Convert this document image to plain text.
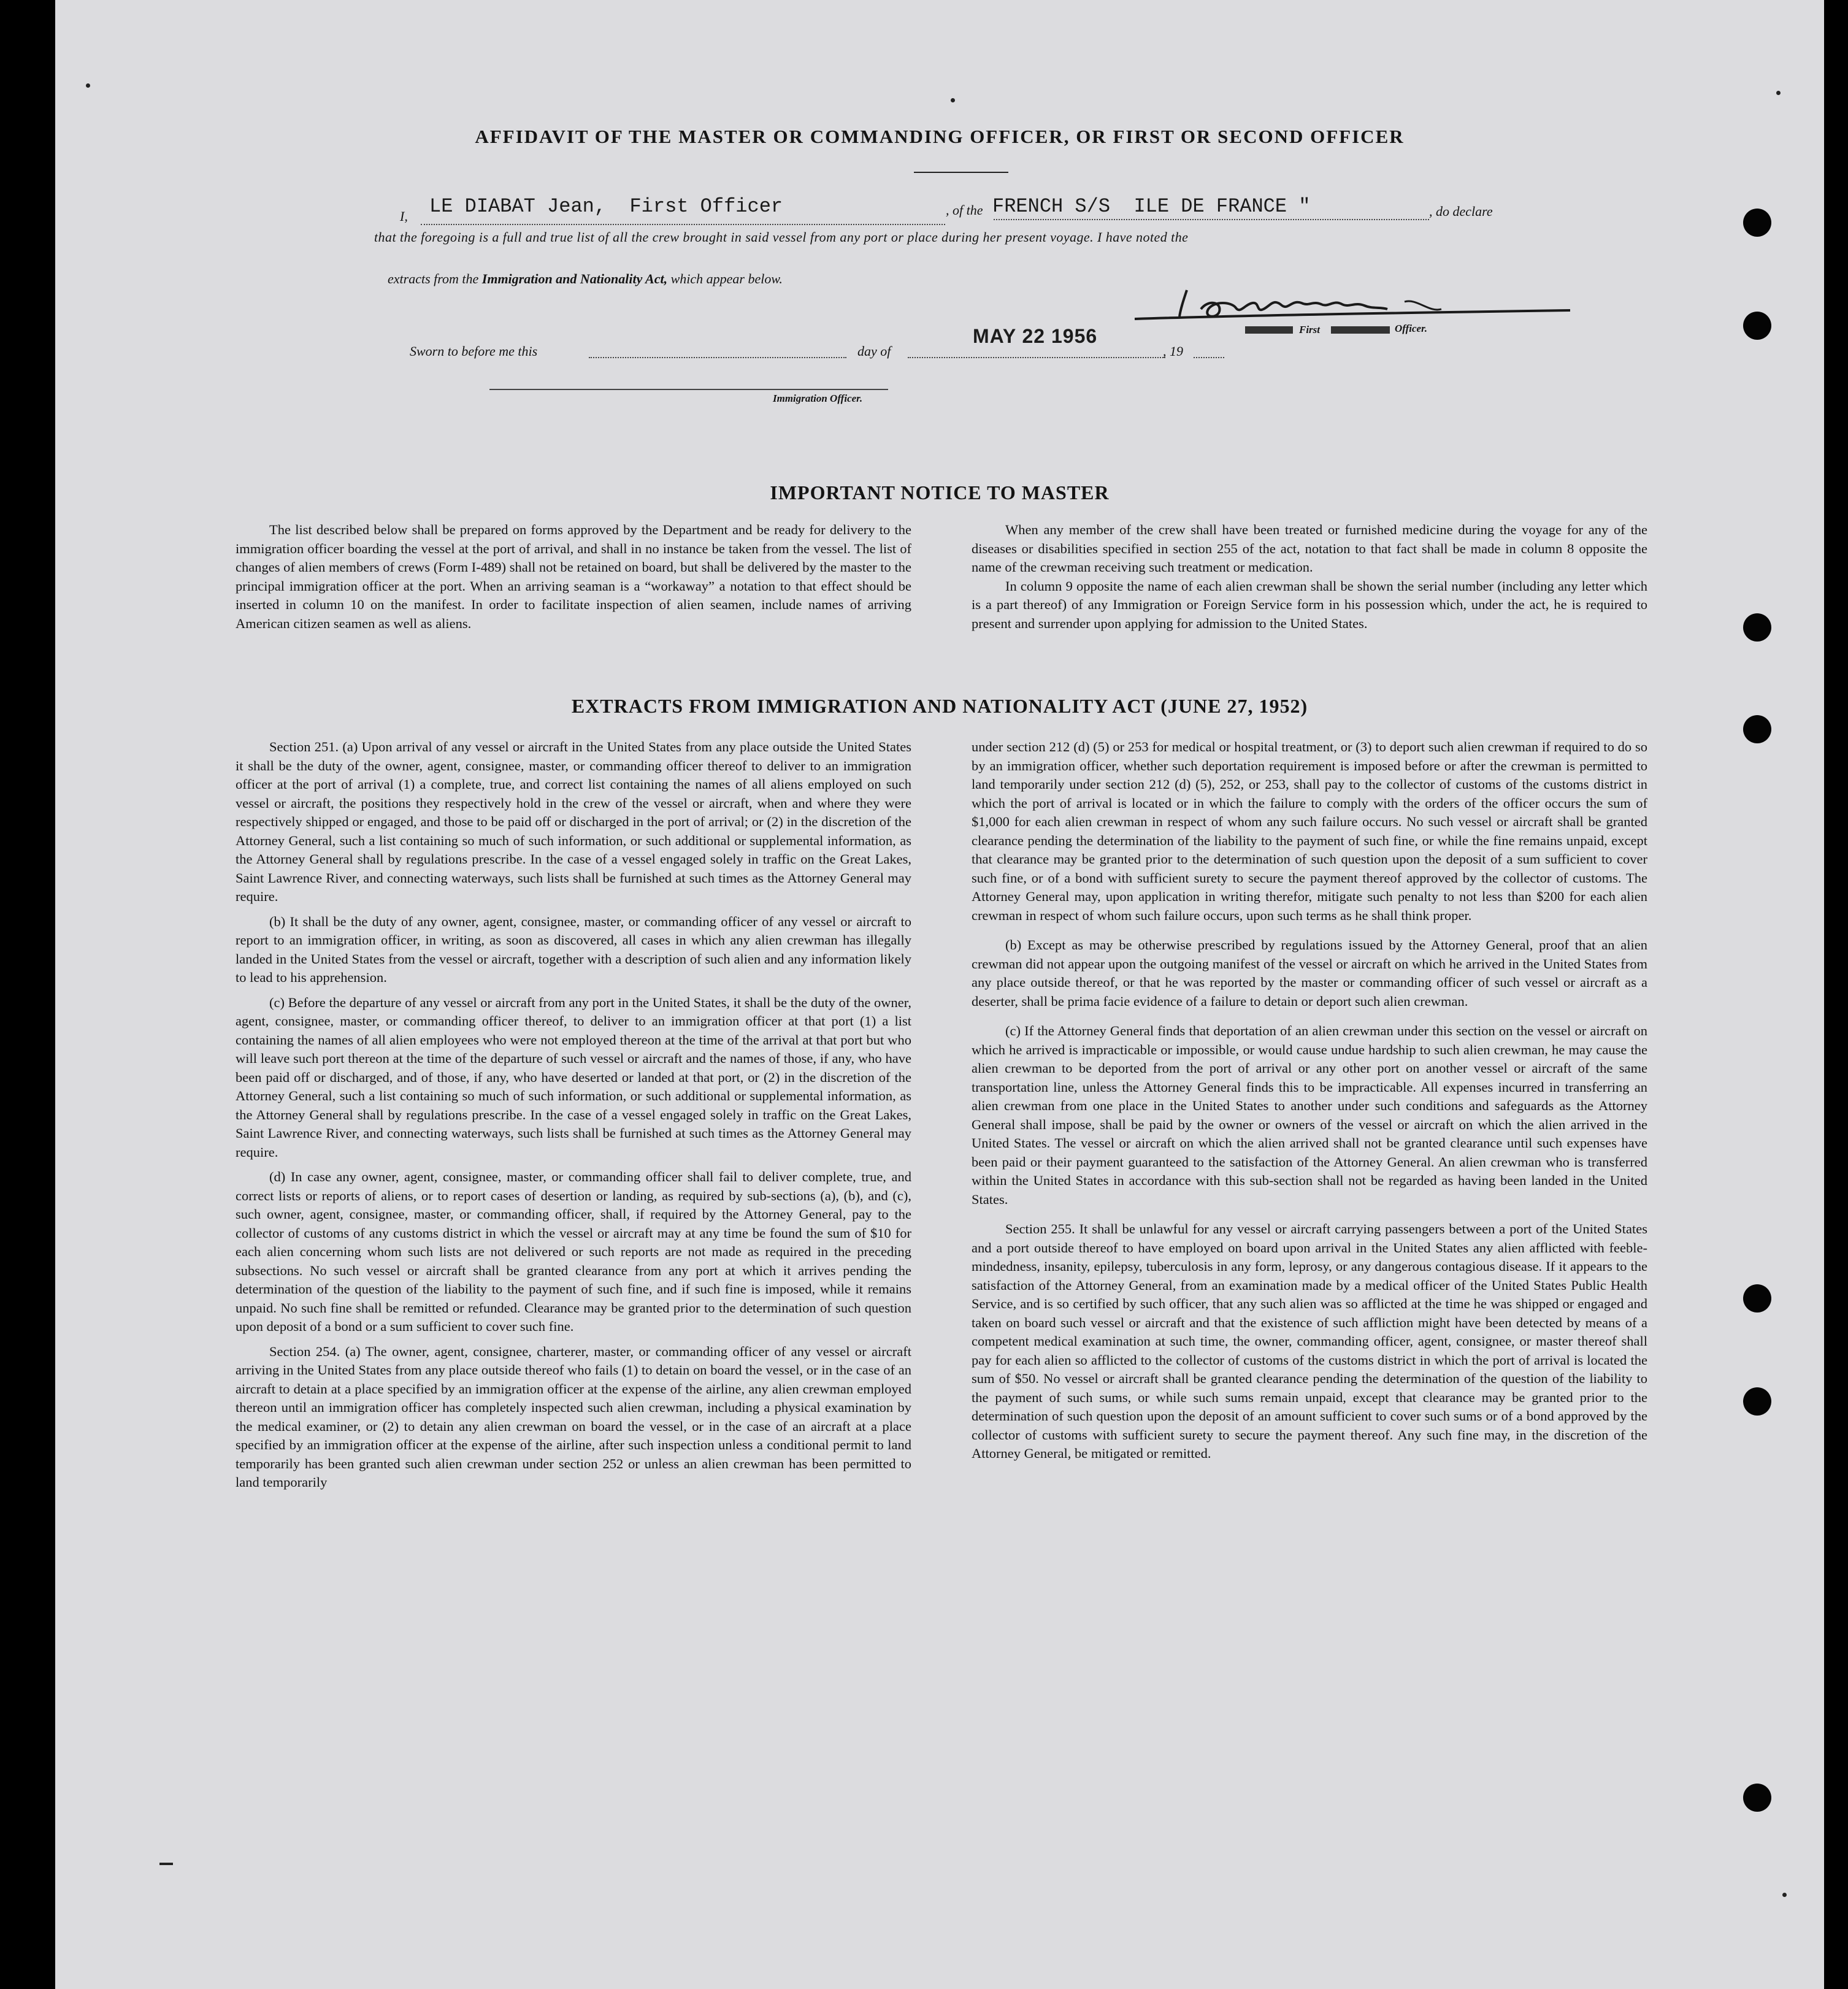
AFFIDAVIT OF THE MASTER OR COMMANDING OFFICER, OR FIRST OR SECOND OFFICER
I, LE DIABAT Jean,  First Officer	, of the FRENCH S/S  ILE DE FRANCE "	, do declare
that the foregoing is a full and true list of all the crew brought in said vessel from any port or place during her present voyage. I have noted the

extracts from the Immigration and Nationality Act, which appear below.

Sworn to before me this	day of
MAY 22 1956
, 19
First	Officer.
Immigration Officer.
IMPORTANT NOTICE TO MASTER

The list described below shall be prepared on forms approved by the Department and be ready for delivery to the immigration officer boarding the vessel at the port of arrival, and shall in no instance be taken from the vessel. The list of changes of alien members of crews (Form I-489) shall not be retained on board, but shall be delivered by the master to the principal immigration officer at the port. When an arriving seaman is a “workaway” a notation to that effect should be inserted in column 10 on the manifest. In order to facilitate inspection of alien seamen, include names of arriving American citizen seamen as well as aliens.

When any member of the crew shall have been treated or furnished medicine during the voyage for any of the diseases or disabilities specified in section 255 of the act, notation to that fact shall be made in column 8 opposite the name of the crewman receiving such treatment or medication.

In column 9 opposite the name of each alien crewman shall be shown the serial number (including any letter which is a part thereof) of any Immigration or Foreign Service form in his possession which, under the act, he is required to present and surrender upon applying for admission to the United States.

EXTRACTS FROM IMMIGRATION AND NATIONALITY ACT (JUNE 27, 1952)

Section 251. (a) Upon arrival of any vessel or aircraft in the United States from any place outside the United States it shall be the duty of the owner, agent, consignee, master, or commanding officer thereof to deliver to an immigration officer at the port of arrival (1) a complete, true, and correct list containing the names of all aliens employed on such vessel or aircraft, the positions they respectively hold in the crew of the vessel or aircraft, when and where they were respectively shipped or engaged, and those to be paid off or discharged in the port of arrival; or (2) in the discretion of the Attorney General, such a list containing so much of such information, or such additional or supplemental information, as the Attorney General shall by regulations prescribe. In the case of a vessel engaged solely in traffic on the Great Lakes, Saint Lawrence River, and connecting waterways, such lists shall be furnished at such times as the Attorney General may require.

(b) It shall be the duty of any owner, agent, consignee, master, or commanding officer of any vessel or aircraft to report to an immigration officer, in writing, as soon as discovered, all cases in which any alien crewman has illegally landed in the United States from the vessel or aircraft, together with a description of such alien and any information likely to lead to his apprehension.

(c) Before the departure of any vessel or aircraft from any port in the United States, it shall be the duty of the owner, agent, consignee, master, or commanding officer thereof, to deliver to an immigration officer at that port (1) a list containing the names of all alien employees who were not employed thereon at the time of the arrival at that port but who will leave such port thereon at the time of the departure of such vessel or aircraft and the names of those, if any, who have been paid off or discharged, and of those, if any, who have deserted or landed at that port, or (2) in the discretion of the Attorney General, such a list containing so much of such information, or such additional or supplemental information, as the Attorney General shall by regulations prescribe. In the case of a vessel engaged solely in traffic on the Great Lakes, Saint Lawrence River, and connecting waterways, such lists shall be furnished at such times as the Attorney General may require.

(d) In case any owner, agent, consignee, master, or commanding officer shall fail to deliver complete, true, and correct lists or reports of aliens, or to report cases of desertion or landing, as required by sub-sections (a), (b), and (c), such owner, agent, consignee, master, or commanding officer, shall, if required by the Attorney General, pay to the collector of customs of any customs district in which the vessel or aircraft may at any time be found the sum of $10 for each alien concerning whom such lists are not delivered or such reports are not made as required in the preceding subsections. No such vessel or aircraft shall be granted clearance from any port at which it arrives pending the determination of the question of the liability to the payment of such fine, and if such fine is imposed, while it remains unpaid. No such fine shall be remitted or refunded. Clearance may be granted prior to the determination of such question upon deposit of a bond or a sum sufficient to cover such fine.

Section 254. (a) The owner, agent, consignee, charterer, master, or commanding officer of any vessel or aircraft arriving in the United States from any place outside thereof who fails (1) to detain on board the vessel, or in the case of an aircraft to detain at a place specified by an immigration officer at the expense of the airline, any alien crewman employed thereon until an immigration officer has completely inspected such alien crewman, including a physical examination by the medical examiner, or (2) to detain any alien crewman on board the vessel, or in the case of an aircraft at a place specified by an immigration officer at the expense of the airline, after such inspection unless a conditional permit to land temporarily has been granted such alien crewman under section 252 or unless an alien crewman has been permitted to land temporarily

under section 212 (d) (5) or 253 for medical or hospital treatment, or (3) to deport such alien crewman if required to do so by an immigration officer, whether such deportation requirement is imposed before or after the crewman is permitted to land temporarily under section 212 (d) (5), 252, or 253, shall pay to the collector of customs of the customs district in which the port of arrival is located or in which the failure to comply with the orders of the officer occurs the sum of $1,000 for each alien crewman in respect of whom any such failure occurs. No such vessel or aircraft shall be granted clearance pending the determination of the liability to the payment of such fine, or while the fine remains unpaid, except that clearance may be granted prior to the determination of such question upon the deposit of a sum sufficient to cover such fine, or of a bond with sufficient surety to secure the payment thereof approved by the collector of customs. The Attorney General may, upon application in writing therefor, mitigate such penalty to not less than $200 for each alien crewman in respect of whom such failure occurs, upon such terms as he shall think proper.

(b) Except as may be otherwise prescribed by regulations issued by the Attorney General, proof that an alien crewman did not appear upon the outgoing manifest of the vessel or aircraft on which he arrived in the United States from any place outside thereof, or that he was reported by the master or commanding officer of such vessel or aircraft as a deserter, shall be prima facie evidence of a failure to detain or deport such alien crewman.

(c) If the Attorney General finds that deportation of an alien crewman under this section on the vessel or aircraft on which he arrived is impracticable or impossible, or would cause undue hardship to such alien crewman, he may cause the alien crewman to be deported from the port of arrival or any other port on another vessel or aircraft of the same transportation line, unless the Attorney General finds this to be impracticable. All expenses incurred in transferring an alien crewman from one place in the United States to another under such conditions and safeguards as the Attorney General shall impose, shall be paid by the owner or owners of the vessel or aircraft on which the alien arrived in the United States. The vessel or aircraft on which the alien arrived shall not be granted clearance until such expenses have been paid or their payment guaranteed to the satisfaction of the Attorney General. An alien crewman who is transferred within the United States in accordance with this sub-section shall not be regarded as having been landed in the United States.

Section 255. It shall be unlawful for any vessel or aircraft carrying passengers between a port of the United States and a port outside thereof to have employed on board upon arrival in the United States any alien afflicted with feeble-mindedness, insanity, epilepsy, tuberculosis in any form, leprosy, or any dangerous contagious disease. If it appears to the satisfaction of the Attorney General, from an examination made by a medical officer of the United States Public Health Service, and is so certified by such officer, that any such alien was so afflicted at the time he was shipped or engaged and taken on board such vessel or aircraft and that the existence of such affliction might have been detected by means of a competent medical examination at such time, the owner, commanding officer, agent, consignee, or master thereof shall pay for each alien so afflicted to the collector of customs of the customs district in which the port of arrival is located the sum of $50. No vessel or aircraft shall be granted clearance pending the determination of the question of the liability to the payment of such sums, or while such sums remain unpaid, except that clearance may be granted prior to the determination of such question upon the deposit of an amount sufficient to cover such sums or of a bond approved by the collector of customs with sufficient surety to secure the payment thereof. Any such fine may, in the discretion of the Attorney General, be mitigated or remitted.
